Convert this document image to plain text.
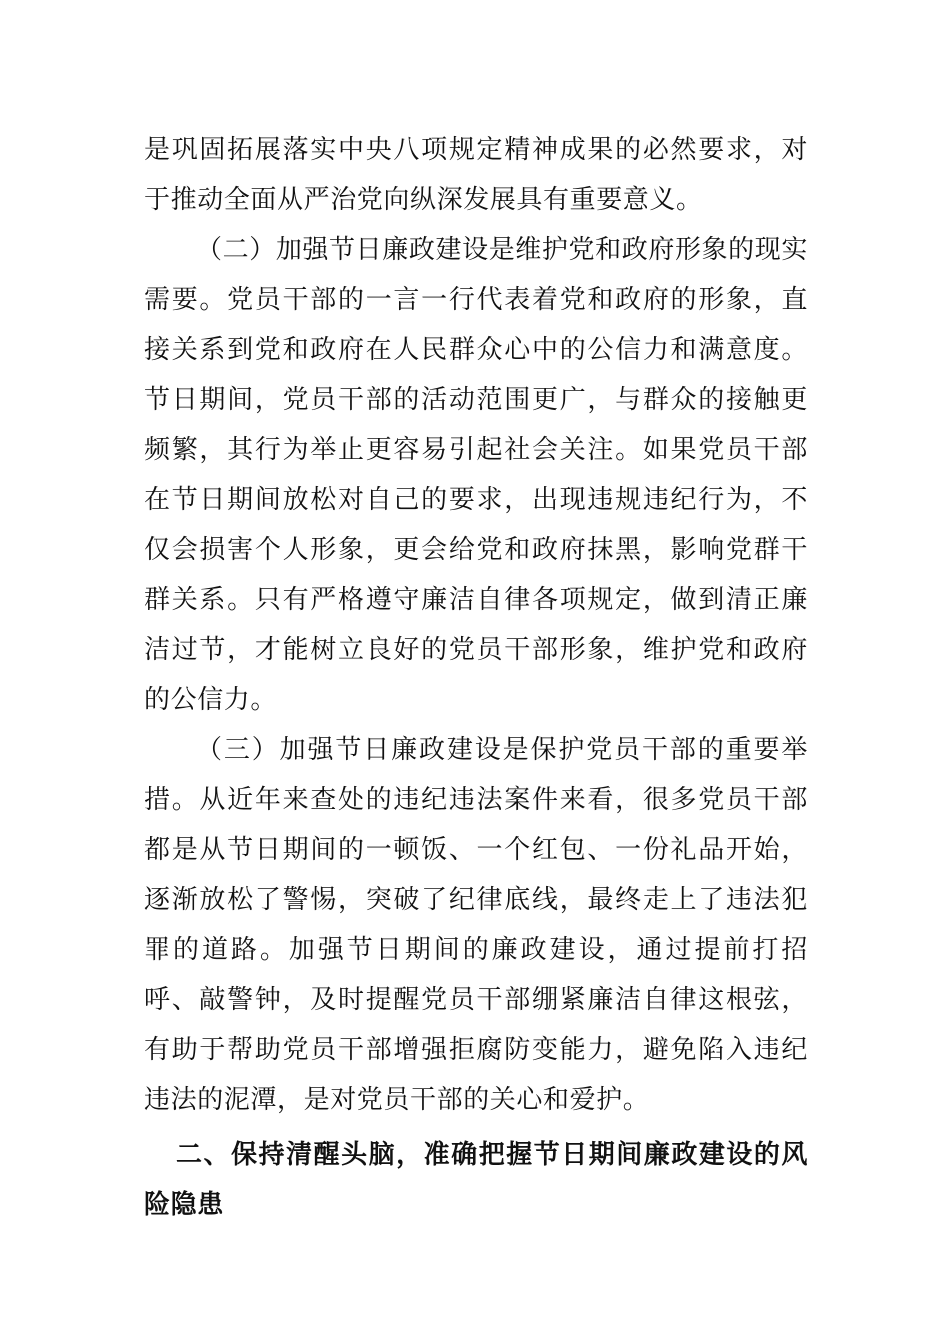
是巩固拓展落实中央八项规定精神成果的必然要求，对于推动全面从严治党向纵深发展具有重要意义。

（二）加强节日廉政建设是维护党和政府形象的现实需要。党员干部的一言一行代表着党和政府的形象，直接关系到党和政府在人民群众心中的公信力和满意度。节日期间，党员干部的活动范围更广，与群众的接触更频繁，其行为举止更容易引起社会关注。如果党员干部在节日期间放松对自己的要求，出现违规违纪行为，不仅会损害个人形象，更会给党和政府抹黑，影响党群干群关系。只有严格遵守廉洁自律各项规定，做到清正廉洁过节，才能树立良好的党员干部形象，维护党和政府的公信力。

（三）加强节日廉政建设是保护党员干部的重要举措。从近年来查处的违纪违法案件来看，很多党员干部都是从节日期间的一顿饭、一个红包、一份礼品开始，逐渐放松了警惕，突破了纪律底线，最终走上了违法犯罪的道路。加强节日期间的廉政建设，通过提前打招呼、敲警钟，及时提醒党员干部绷紧廉洁自律这根弦，有助于帮助党员干部增强拒腐防变能力，避免陷入违纪违法的泥潭，是对党员干部的关心和爱护。

二、保持清醒头脑，准确把握节日期间廉政建设的风险隐患
